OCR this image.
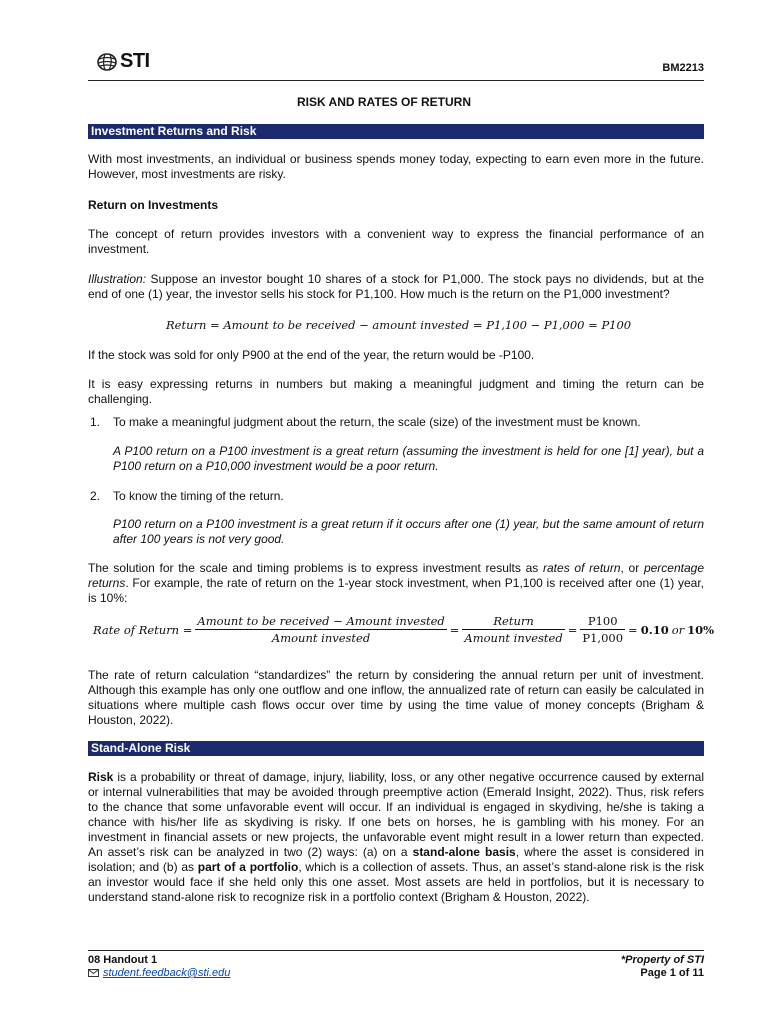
STI	BM2213
RISK AND RATES OF RETURN
Investment Returns and Risk
With most investments, an individual or business spends money today, expecting to earn even more in the future. However, most investments are risky.
Return on Investments
The concept of return provides investors with a convenient way to express the financial performance of an investment.
Illustration: Suppose an investor bought 10 shares of a stock for P1,000. The stock pays no dividends, but at the end of one (1) year, the investor sells his stock for P1,100. How much is the return on the P1,000 investment?
Return = Amount to be received − amount invested = P1,100 − P1,000 = P100
If the stock was sold for only P900 at the end of the year, the return would be -P100.
It is easy expressing returns in numbers but making a meaningful judgment and timing the return can be challenging.
1. To make a meaningful judgment about the return, the scale (size) of the investment must be known.
A P100 return on a P100 investment is a great return (assuming the investment is held for one [1] year), but a P100 return on a P10,000 investment would be a poor return.
2. To know the timing of the return.
P100 return on a P100 investment is a great return if it occurs after one (1) year, but the same amount of return after 100 years is not very good.
The solution for the scale and timing problems is to express investment results as rates of return, or percentage returns. For example, the rate of return on the 1-year stock investment, when P1,100 is received after one (1) year, is 10%:
Rate of Return = $\frac{\text{Amount to be received − Amount invested}}{\text{Amount invested}} = \frac{\text{Return}}{\text{Amount invested}} = \frac{P100}{P1,000} = 0.10$ or 10%
The rate of return calculation “standardizes” the return by considering the annual return per unit of investment. Although this example has only one outflow and one inflow, the annualized rate of return can easily be calculated in situations where multiple cash flows occur over time by using the time value of money concepts (Brigham & Houston, 2022).
Stand-Alone Risk
Risk is a probability or threat of damage, injury, liability, loss, or any other negative occurrence caused by external or internal vulnerabilities that may be avoided through preemptive action (Emerald Insight, 2022). Thus, risk refers to the chance that some unfavorable event will occur. If an individual is engaged in skydiving, he/she is taking a chance with his/her life as skydiving is risky. If one bets on horses, he is gambling with his money. For an investment in financial assets or new projects, the unfavorable event might result in a lower return than expected. An asset’s risk can be analyzed in two (2) ways: (a) on a stand-alone basis, where the asset is considered in isolation; and (b) as part of a portfolio, which is a collection of assets. Thus, an asset’s stand-alone risk is the risk an investor would face if she held only this one asset. Most assets are held in portfolios, but it is necessary to understand stand-alone risk to recognize risk in a portfolio context (Brigham & Houston, 2022).
08 Handout 1
student.feedback@sti.edu
*Property of STI
Page 1 of 11
